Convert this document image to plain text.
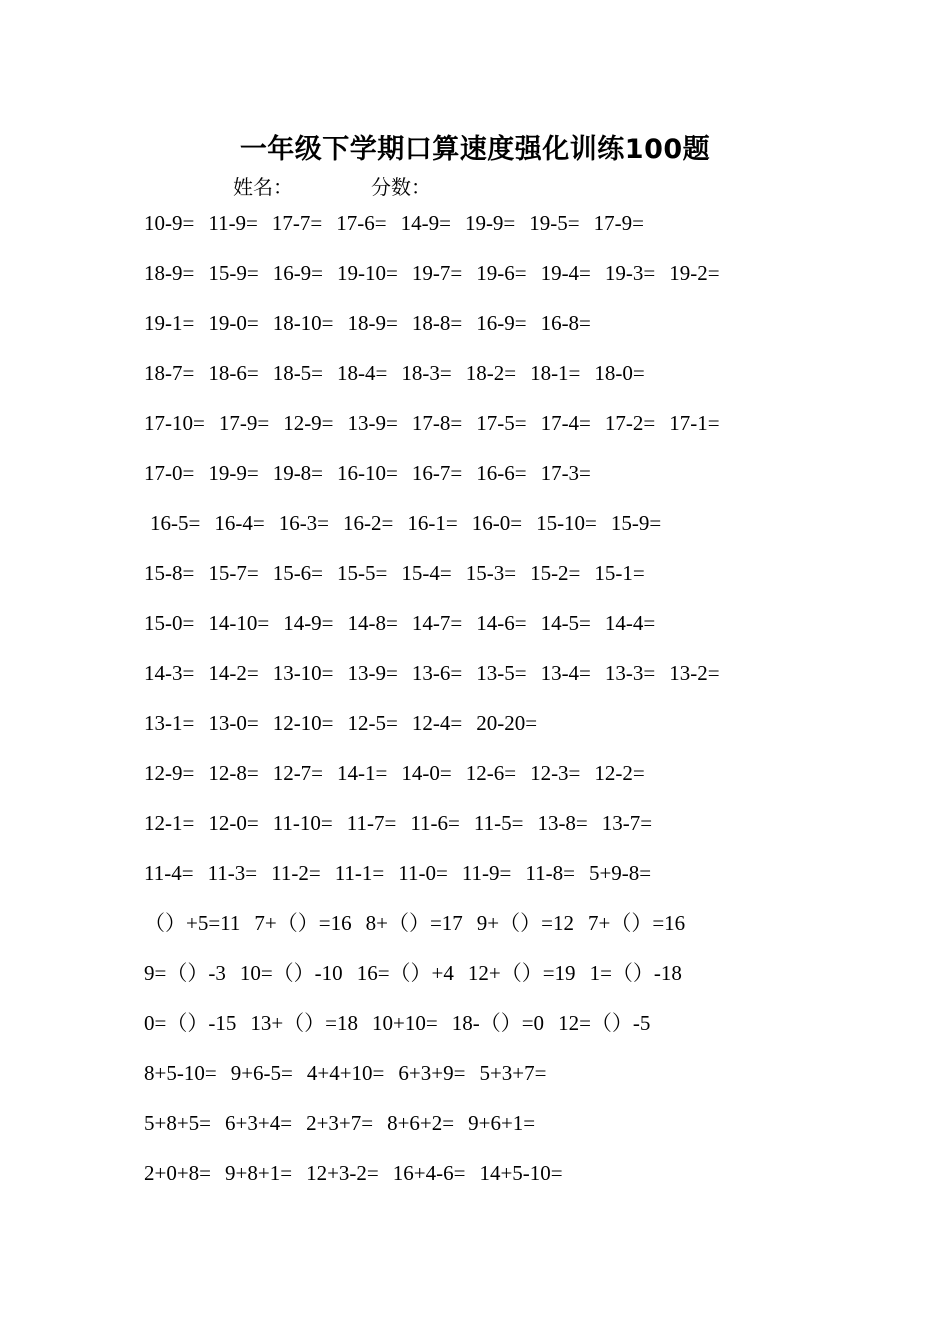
一年级下学期口算速度强化训练100题
姓名：	分数：
10-9= 11-9= 17-7= 17-6= 14-9= 19-9= 19-5= 17-9=
18-9= 15-9= 16-9= 19-10= 19-7= 19-6= 19-4= 19-3= 19-2=
19-1= 19-0= 18-10= 18-9= 18-8= 16-9= 16-8=
18-7= 18-6= 18-5= 18-4= 18-3= 18-2= 18-1= 18-0=
17-10= 17-9= 12-9= 13-9= 17-8= 17-5= 17-4= 17-2= 17-1=
17-0= 19-9= 19-8= 16-10= 16-7= 16-6= 17-3=
16-5= 16-4= 16-3= 16-2= 16-1= 16-0= 15-10= 15-9=
15-8= 15-7= 15-6= 15-5= 15-4= 15-3= 15-2= 15-1=
15-0= 14-10= 14-9= 14-8= 14-7= 14-6= 14-5= 14-4=
14-3= 14-2= 13-10= 13-9= 13-6= 13-5= 13-4= 13-3= 13-2=
13-1= 13-0= 12-10= 12-5= 12-4= 20-20=
12-9= 12-8= 12-7= 14-1= 14-0= 12-6= 12-3= 12-2=
12-1= 12-0= 11-10= 11-7= 11-6= 11-5= 13-8= 13-7=
11-4= 11-3= 11-2= 11-1= 11-0= 11-9= 11-8= 5+9-8=
（）+5=11 7+（）=16 8+（）=17 9+（）=12 7+（）=16
9=（）-3 10=（）-10 16=（）+4 12+（）=19 1=（）-18
0=（）-15 13+（）=18 10+10= 18-（）=0 12=（）-5
8+5-10= 9+6-5= 4+4+10= 6+3+9= 5+3+7=
5+8+5= 6+3+4= 2+3+7= 8+6+2= 9+6+1=
2+0+8= 9+8+1= 12+3-2= 16+4-6= 14+5-10=
